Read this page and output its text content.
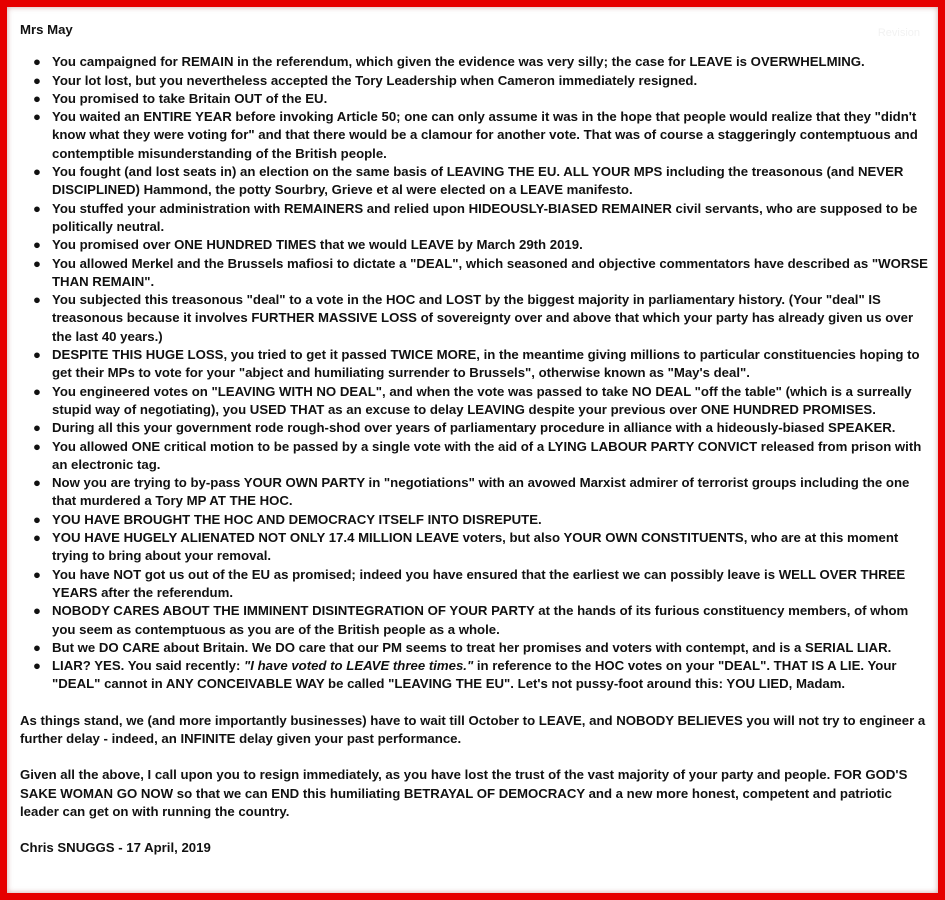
Revision
Mrs May
● You campaigned for REMAIN in the referendum, which given the evidence was very silly; the case for LEAVE is OVERWHELMING.
● Your lot lost, but you nevertheless accepted the Tory Leadership when Cameron immediately resigned.
● You promised to take Britain OUT of the EU.
● You waited an ENTIRE YEAR before invoking Article 50; one can only assume it was in the hope that people would realize that they "didn't know what they were voting for" and that there would be a clamour for another vote. That was of course a staggeringly contemptuous and contemptible misunderstanding of the British people.
● You fought (and lost seats in) an election on the same basis of LEAVING THE EU. ALL YOUR MPS including the treasonous (and NEVER DISCIPLINED) Hammond, the potty Sourbry, Grieve et al were elected on a LEAVE manifesto.
● You stuffed your administration with REMAINERS and relied upon HIDEOUSLY-BIASED REMAINER civil servants, who are supposed to be politically neutral.
● You promised over ONE HUNDRED TIMES that we would LEAVE by March 29th 2019.
● You allowed Merkel and the Brussels mafiosi to dictate a "DEAL", which seasoned and objective commentators have described as "WORSE THAN REMAIN".
● You subjected this treasonous "deal" to a vote in the HOC and LOST by the biggest majority in parliamentary history. (Your "deal" IS treasonous because it involves FURTHER MASSIVE LOSS of sovereignty over and above that which your party has already given us over the last 40 years.)
● DESPITE THIS HUGE LOSS, you tried to get it passed TWICE MORE, in the meantime giving millions to particular constituencies hoping to get their MPs to vote for your "abject and humiliating surrender to Brussels", otherwise known as "May's deal".
● You engineered votes on "LEAVING WITH NO DEAL", and when the vote was passed to take NO DEAL "off the table" (which is a surreally stupid way of negotiating), you USED THAT as an excuse to delay LEAVING despite your previous over ONE HUNDRED PROMISES.
● During all this your government rode rough-shod over years of parliamentary procedure in alliance with a hideously-biased SPEAKER.
● You allowed ONE critical motion to be passed by a single vote with the aid of a LYING LABOUR PARTY CONVICT released from prison with an electronic tag.
● Now you are trying to by-pass YOUR OWN PARTY in "negotiations" with an avowed Marxist admirer of terrorist groups including the one that murdered a Tory MP AT THE HOC.
● YOU HAVE BROUGHT THE HOC AND DEMOCRACY ITSELF INTO DISREPUTE.
● YOU HAVE HUGELY ALIENATED NOT ONLY 17.4 MILLION LEAVE voters, but also YOUR OWN CONSTITUENTS, who are at this moment trying to bring about your removal.
● You have NOT got us out of the EU as promised; indeed you have ensured that the earliest we can possibly leave is WELL OVER THREE YEARS after the referendum.
● NOBODY CARES ABOUT THE IMMINENT DISINTEGRATION OF YOUR PARTY at the hands of its furious constituency members, of whom you seem as contemptuous as you are of the British people as a whole.
● But we DO CARE about Britain. We DO care that our PM seems to treat her promises and voters with contempt, and is a SERIAL LIAR.
● LIAR? YES. You said recently: "I have voted to LEAVE three times." in reference to the HOC votes on your "DEAL". THAT IS A LIE. Your "DEAL" cannot in ANY CONCEIVABLE WAY be called "LEAVING THE EU". Let's not pussy-foot around this: YOU LIED, Madam.
As things stand, we (and more importantly businesses) have to wait till October to LEAVE, and NOBODY BELIEVES you will not try to engineer a further delay - indeed, an INFINITE delay given your past performance.
Given all the above, I call upon you to resign immediately, as you have lost the trust of the vast majority of your party and people. FOR GOD'S SAKE WOMAN GO NOW so that we can END this humiliating BETRAYAL OF DEMOCRACY and a new more honest, competent and patriotic leader can get on with running the country.
Chris SNUGGS - 17 April, 2019
